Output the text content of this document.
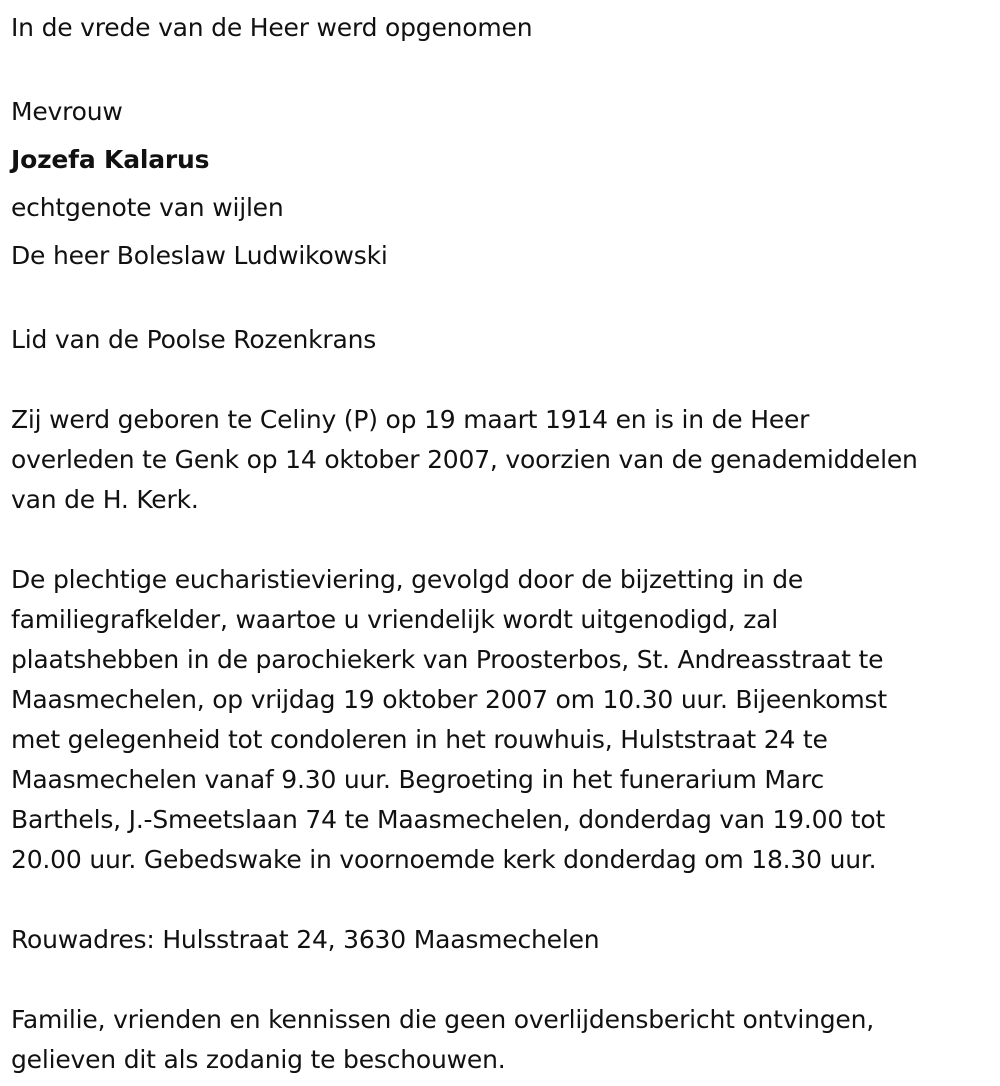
In de vrede van de Heer werd opgenomen
Mevrouw
Jozefa Kalarus
echtgenote van wijlen
De heer Boleslaw Ludwikowski
Lid van de Poolse Rozenkrans
Zij werd geboren te Celiny (P) op 19 maart 1914 en is in de Heer
overleden te Genk op 14 oktober 2007, voorzien van de genademiddelen
van de H. Kerk.
De plechtige eucharistieviering, gevolgd door de bijzetting in de
familiegrafkelder, waartoe u vriendelijk wordt uitgenodigd, zal
plaatshebben in de parochiekerk van Proosterbos, St. Andreasstraat te
Maasmechelen, op vrijdag 19 oktober 2007 om 10.30 uur. Bijeenkomst
met gelegenheid tot condoleren in het rouwhuis, Hulststraat 24 te
Maasmechelen vanaf 9.30 uur. Begroeting in het funerarium Marc
Barthels, J.-Smeetslaan 74 te Maasmechelen, donderdag van 19.00 tot
20.00 uur. Gebedswake in voornoemde kerk donderdag om 18.30 uur.
Rouwadres: Hulsstraat 24, 3630 Maasmechelen
Familie, vrienden en kennissen die geen overlijdensbericht ontvingen,
gelieven dit als zodanig te beschouwen.
